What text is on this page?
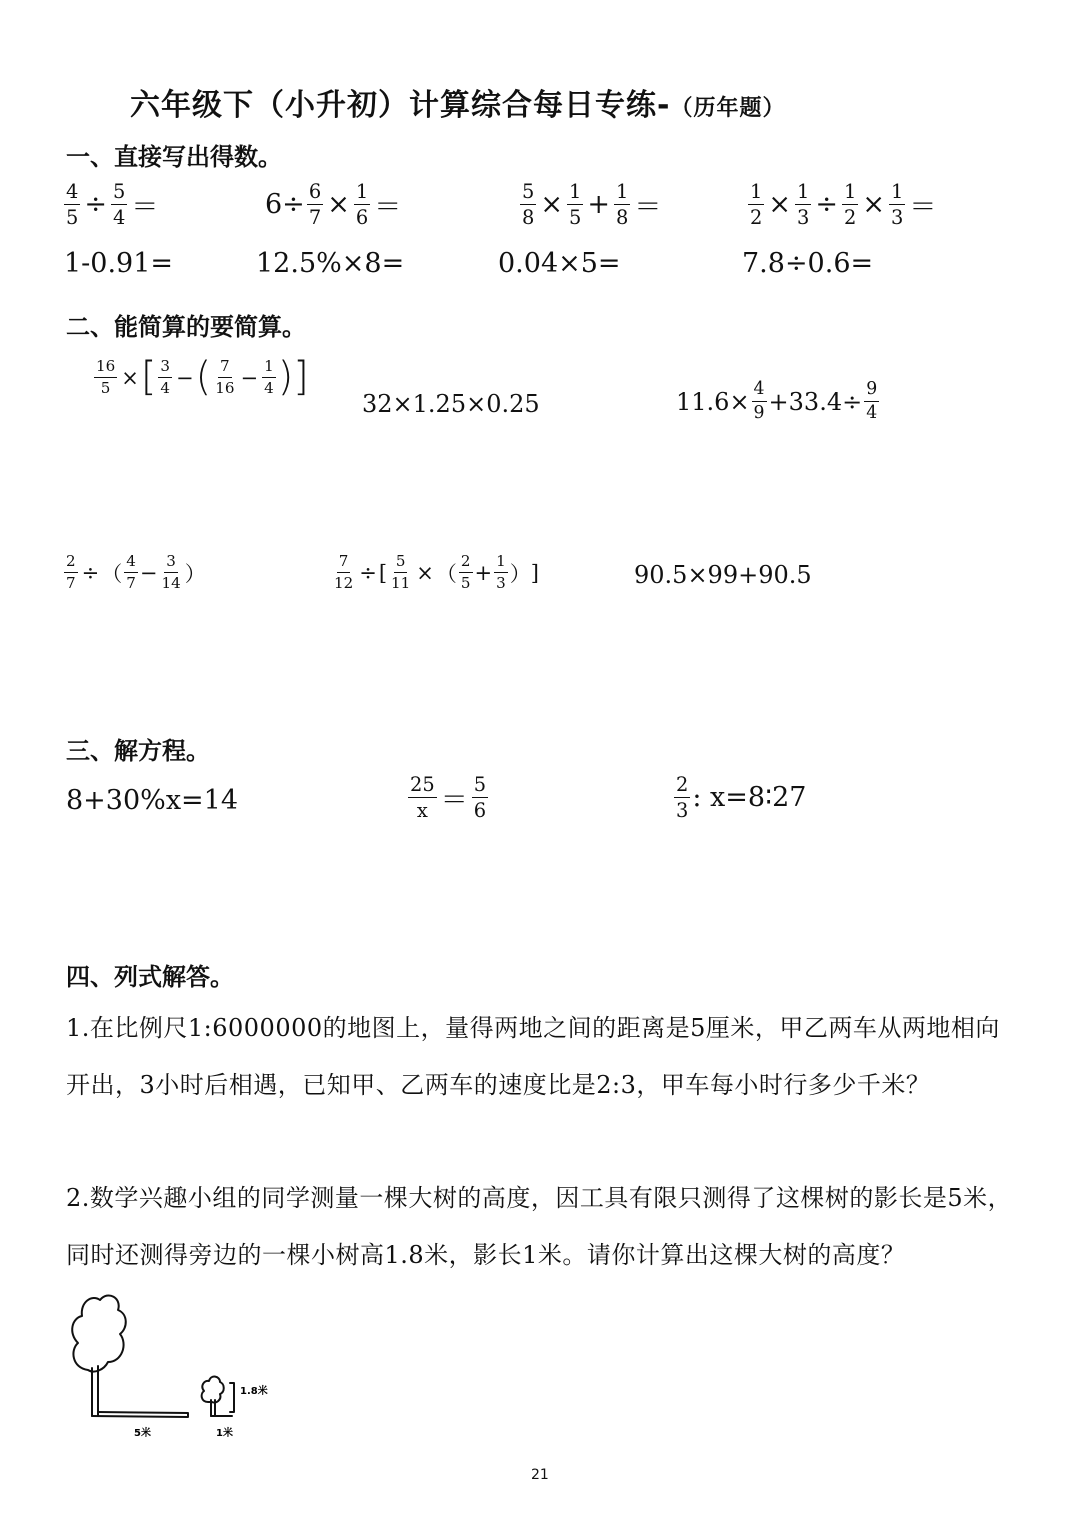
六年级下（小升初）计算综合每日专练-（历年题）
一、直接写出得数。
$\frac{4}{5} \div \frac{5}{4}$ ＝	$6\div \frac{6}{7} \times \frac{1}{6}$ ＝	$\frac{5}{8} \times \frac{1}{5} + \frac{1}{8}$ ＝	$\frac{1}{2} \times \frac{1}{3} \div \frac{1}{2} \times \frac{1}{3}$ ＝
1-0.91=	12.5%×8=	0.04×5=	7.8÷0.6=
二、能简算的要简算。
$\frac{16}{5}$ × [ $\frac{3}{4}$ − ( $\frac{7}{16} - \frac{1}{4}$ ) ]
32×1.25×0.25	$11.6\times \frac{4}{9} +33.4\div \frac{9}{4}$
$\frac{2}{7}$ ÷ （ $\frac{4}{7} - \frac{3}{14}$ ）	$\frac{7}{12}$ ÷ [ $\frac{5}{11}$ × （ $\frac{2}{5} + \frac{1}{3}$ ） ]	90.5×99+90.5
三、解方程。
8+30%x=14	$\frac{25}{x} = \frac{5}{6}$	$\frac{2}{3}$ : x=8∶27
四、列式解答。
1.在比例尺1:6000000的地图上，量得两地之间的距离是5厘米，甲乙两车从两地相向开出，3小时后相遇，已知甲、乙两车的速度比是2:3，甲车每小时行多少千米？
2.数学兴趣小组的同学测量一棵大树的高度，因工具有限只测得了这棵树的影长是5米，同时还测得旁边的一棵小树高1.8米，影长1米。请你计算出这棵大树的高度？
1.8米
5米	1米
21
